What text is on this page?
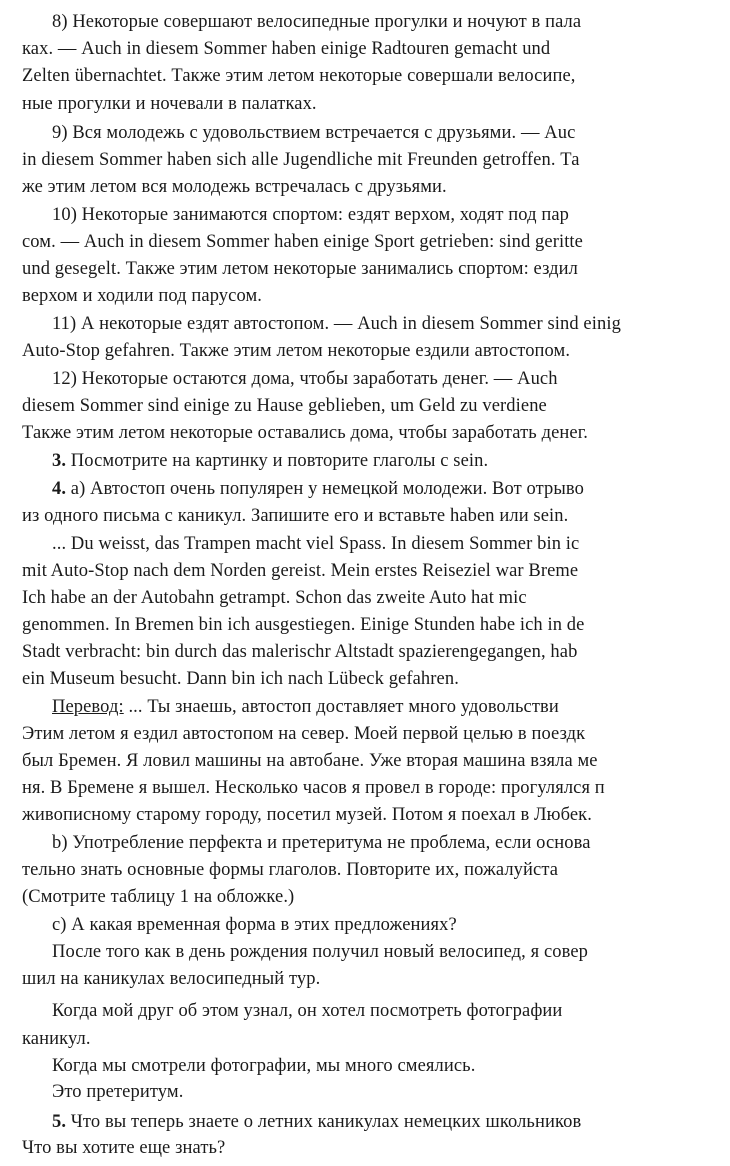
8) Некоторые совершают велосипедные прогулки и ночуют в пала
ках. — Auch in diesem Sommer haben einige Radtouren gemacht und
Zelten übernachtet. Также этим летом некоторые совершали велосипе,
ные прогулки и ночевали в палатках.
9) Вся молодежь с удовольствием встречается с друзьями. — Auc
in diesem Sommer haben sich alle Jugendliche mit Freunden getroffen. Та
же этим летом вся молодежь встречалась с друзьями.
10) Некоторые занимаются спортом: ездят верхом, ходят под пар
сом. — Auch in diesem Sommer haben einige Sport getrieben: sind geritte
und gesegelt. Также этим летом некоторые занимались спортом: ездил
верхом и ходили под парусом.
11) А некоторые ездят автостопом. — Auch in diesem Sommer sind einig
Auto-Stop gefahren. Также этим летом некоторые ездили автостопом.
12) Некоторые остаются дома, чтобы заработать денег. — Auch
diesem Sommer sind einige zu Hause geblieben, um Geld zu verdiene
Также этим летом некоторые оставались дома, чтобы заработать денег.
3. Посмотрите на картинку и повторите глаголы с sein.
4. а) Автостоп очень популярен у немецкой молодежи. Вот отрыво
из одного письма с каникул. Запишите его и вставьте haben или sein.
... Du weisst, das Trampen macht viel Spass. In diesem Sommer bin ic
mit Auto-Stop nach dem Norden gereist. Mein erstes Reiseziel war Breme
Ich habe an der Autobahn getrampt. Schon das zweite Auto hat mic
genommen. In Bremen bin ich ausgestiegen. Einige Stunden habe ich in de
Stadt verbracht: bin durch das malerischr Altstadt spazierengegangen, hab
ein Museum besucht. Dann bin ich nach Lübeck gefahren.
Перевод: ... Ты знаешь, автостоп доставляет много удовольстви
Этим летом я ездил автостопом на север. Моей первой целью в поездк
был Бремен. Я ловил машины на автобане. Уже вторая машина взяла ме
ня. В Бремене я вышел. Несколько часов я провел в городе: прогулялся п
живописному старому городу, посетил музей. Потом я поехал в Любек.
b) Употребление перфекта и претеритума не проблема, если основа
тельно знать основные формы глаголов. Повторите их, пожалуйста
(Смотрите таблицу 1 на обложке.)
с) А какая временная форма в этих предложениях?
После того как в день рождения получил новый велосипед, я совер
шил на каникулах велосипедный тур.
Когда мой друг об этом узнал, он хотел посмотреть фотографии
каникул.
Когда мы смотрели фотографии, мы много смеялись.
Это претеритум.
5. Что вы теперь знаете о летних каникулах немецких школьников
Что вы хотите еще знать?
